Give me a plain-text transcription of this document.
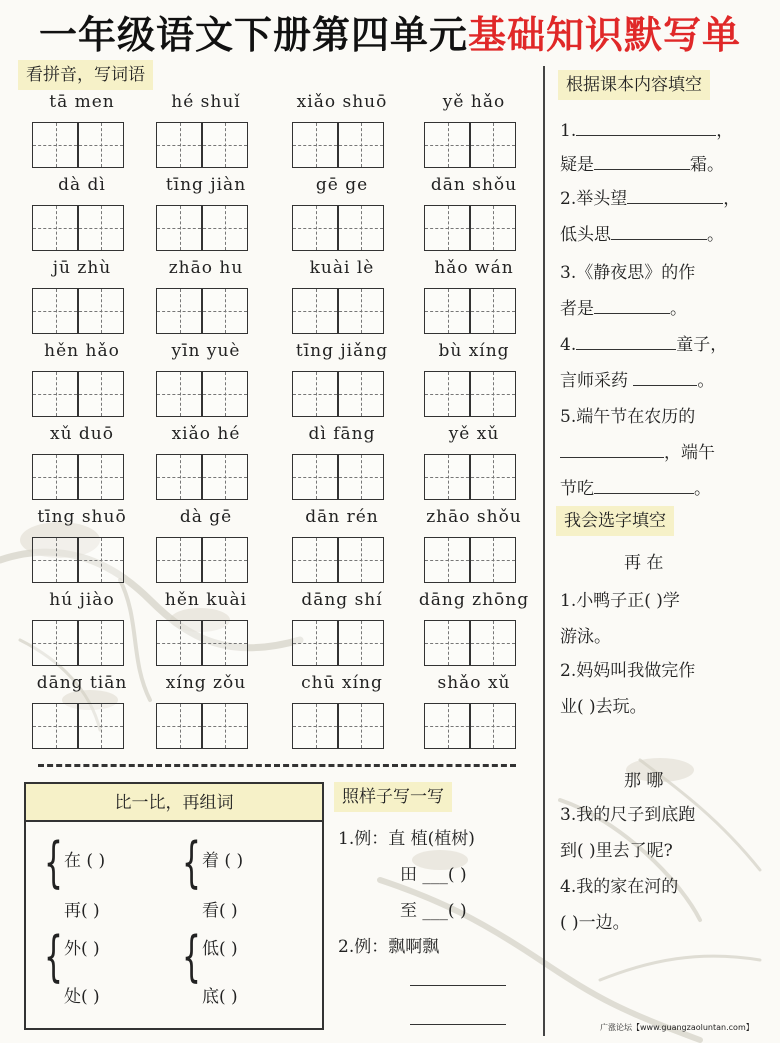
一年级语文下册第四单元基础知识默写单
看拼音，写词语
tā men	hé shuǐ	xiǎo shuō	yě hǎo
dà dì	tīng jiàn	gē ge	dān shǒu
jū zhù	zhāo hu	kuài lè	hǎo wán
hěn hǎo	yīn yuè	tīng jiǎng	bù xíng
xǔ duō	xiǎo hé	dì fāng	yě xǔ
tīng shuō	dà gē	dān rén	zhāo shǒu
hú jiào	hěn kuài	dāng shí	dāng zhōng
dāng tiān	xíng zǒu	chū xíng	shǎo xǔ
比一比，再组词
{ 在 ( )
再( )
{ 着 ( )
看( )
{ 外( )
处( )
{ 低( )
底( )
照样子写一写
1.例：直 植(植树)
田 ___( )
至 ___( )
2.例：飘啊飘
根据课本内容填空
1.	，
疑是	霜。
2.举头望	，
低头思	。
3.《静夜思》的作
者是	。
4.	童子，
言师采药	。
5.端午节在农历的
，端午
节吃	。
我会选字填空
再 在
1.小鸭子正( )学
游泳。
2.妈妈叫我做完作
业( )去玩。
那 哪
3.我的尺子到底跑
到( )里去了呢?
4.我的家在河的
( )一边。
广涨论坛【www.guangzaoluntan.com】
